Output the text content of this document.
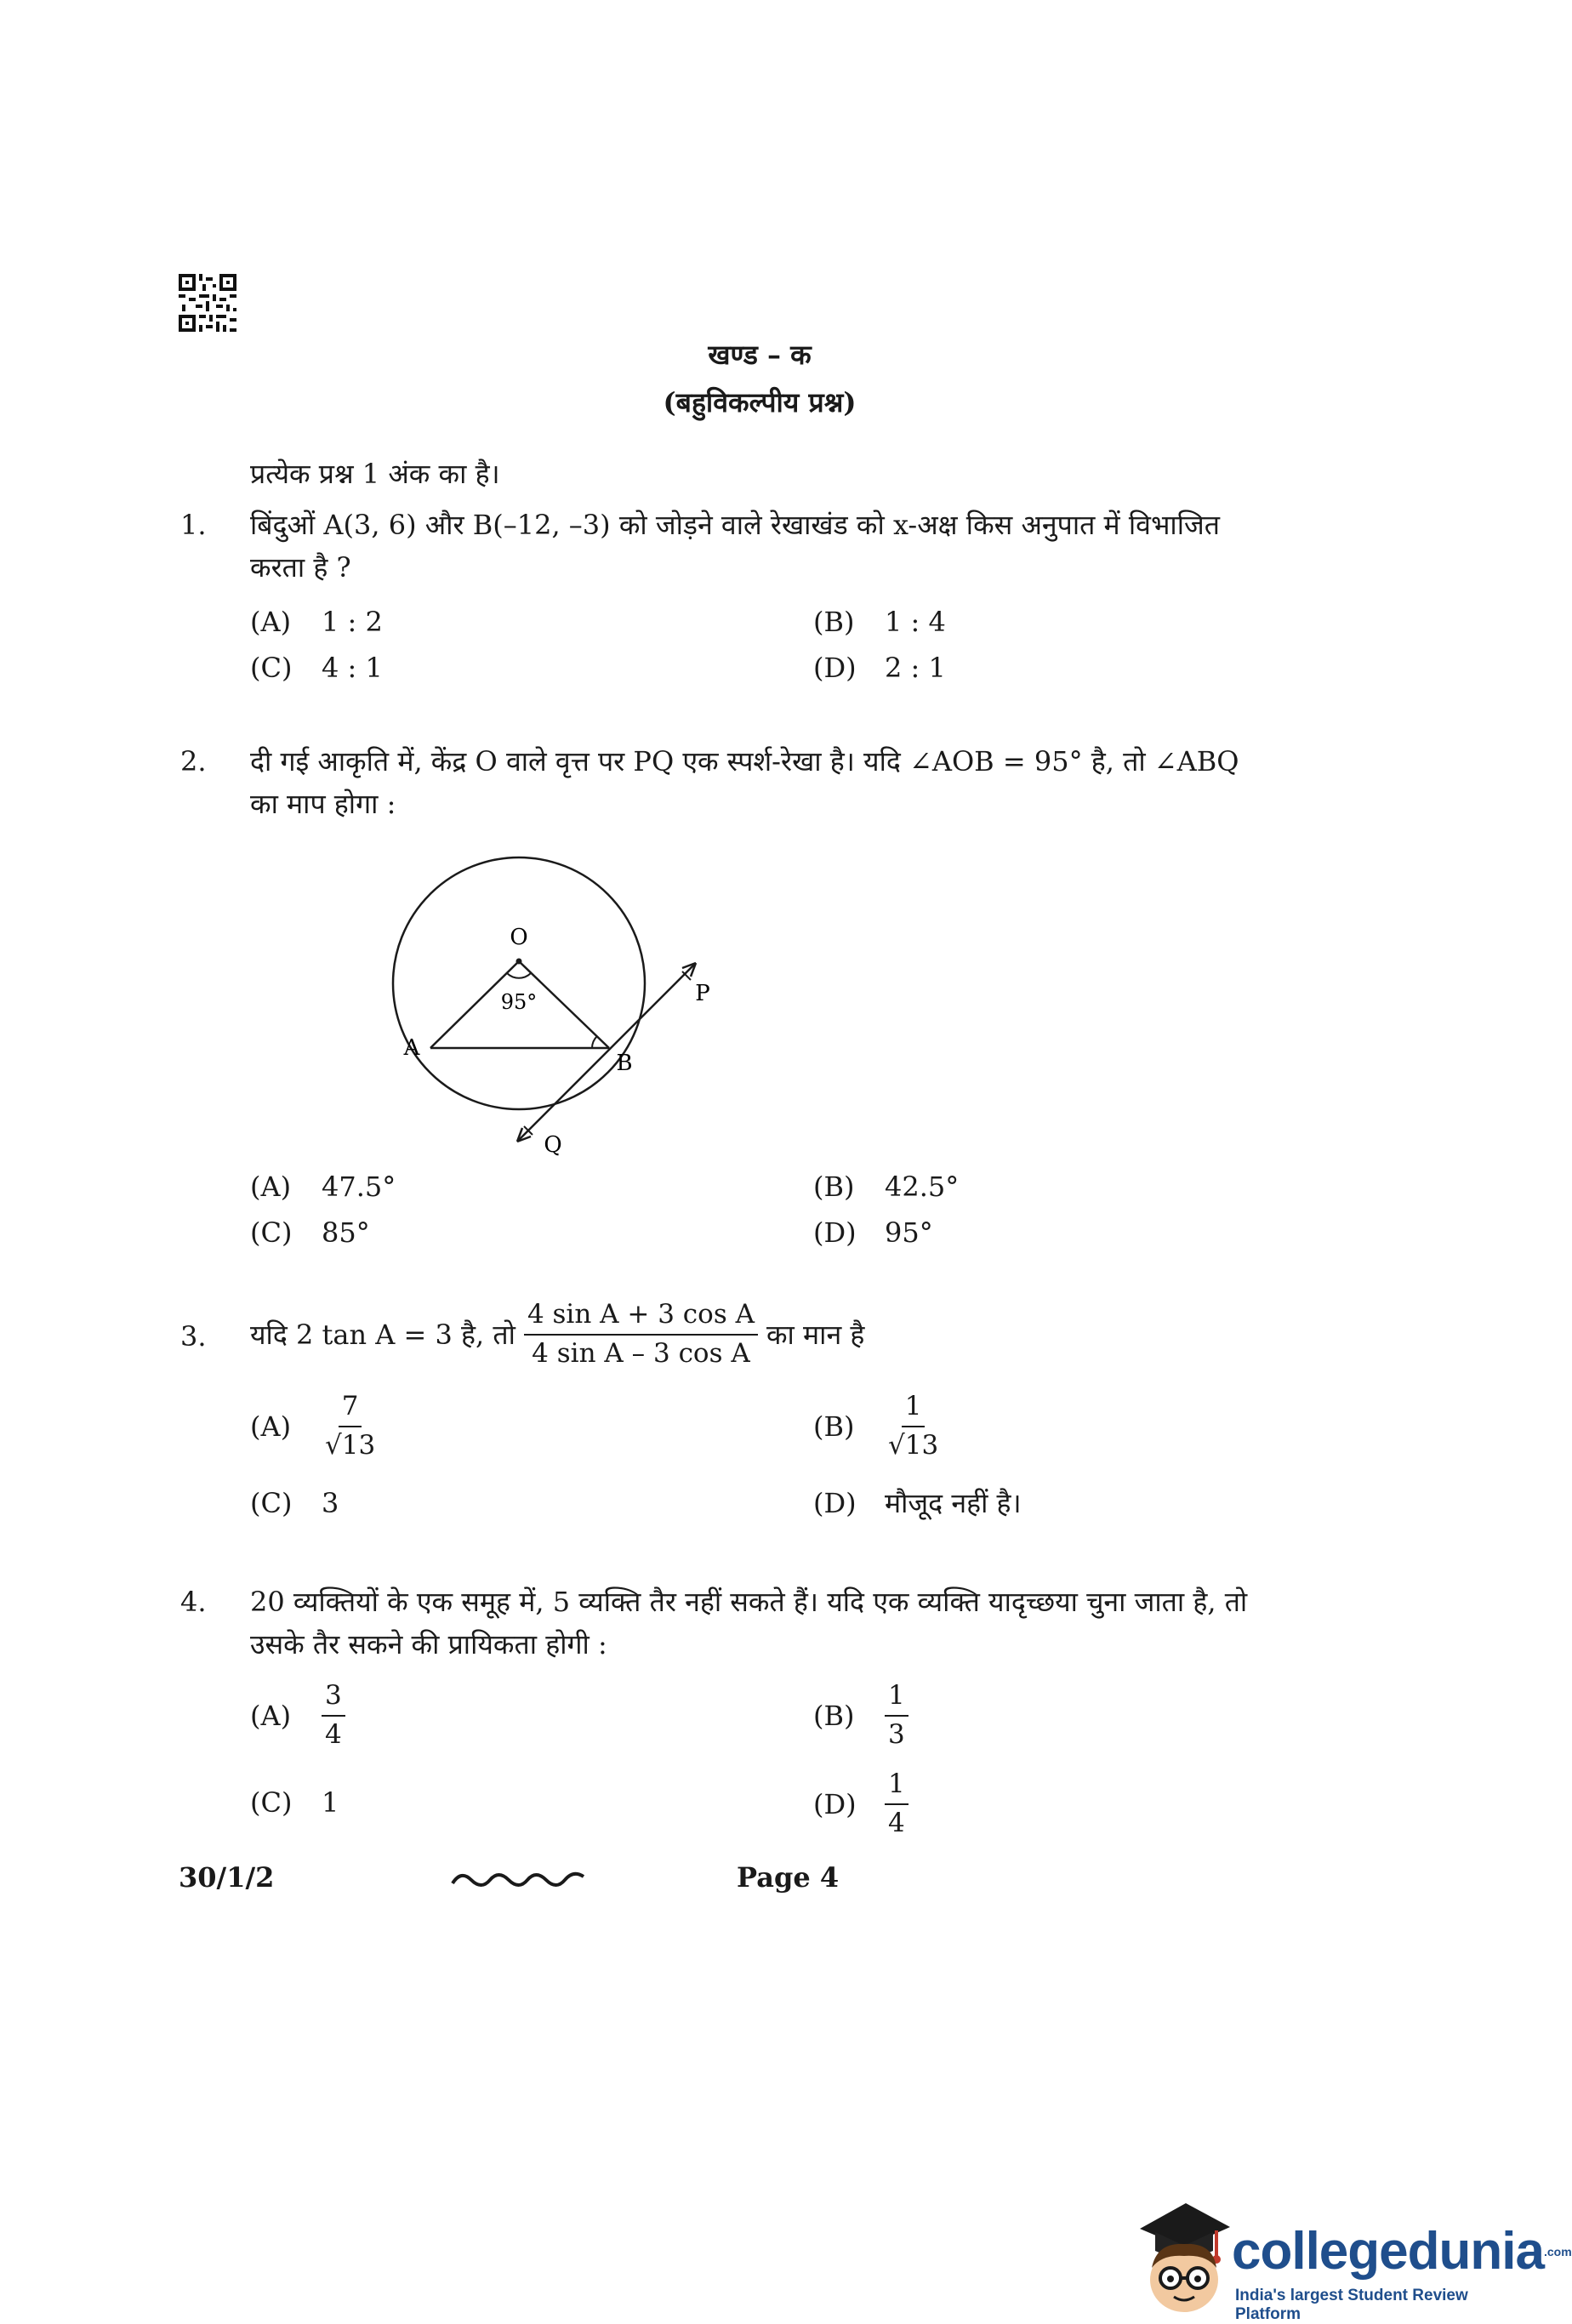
खण्ड – क
(बहुविकल्पीय प्रश्न)
प्रत्येक प्रश्न 1 अंक का है।
1. बिंदुओं A(3, 6) और B(–12, –3) को जोड़ने वाले रेखाखंड को x-अक्ष किस अनुपात में विभाजित
करता है ?
(A) 1 : 2	(B) 1 : 4
(C) 4 : 1	(D) 2 : 1
2. दी गई आकृति में, केंद्र O वाले वृत्त पर PQ एक स्पर्श-रेखा है। यदि ∠AOB = 95° है, तो ∠ABQ
का माप होगा :
O
95°
A
B
P
Q
(A) 47.5°	(B) 42.5°
(C) 85°	(D) 95°
3. यदि 2 tan A = 3 है, तो $\frac{\text{4 sin A + 3 cos A}}{\text{4 sin A – 3 cos A}}$ का मान है
(A)	$\frac{7}{√13}$	(B)	$\frac{1}{√13}$
(C) 3	(D) मौजूद नहीं है।
4. 20 व्यक्तियों के एक समूह में, 5 व्यक्ति तैर नहीं सकते हैं। यदि एक व्यक्ति यादृच्छया चुना जाता है, तो
उसके तैर सकने की प्रायिकता होगी :
(A)	$\frac{3}{4}$	(B)	$\frac{1}{3}$
(C) 1	(D)	$\frac{1}{4}$
30/1/2	Page 4
collegedunia$^{.com}$
India's largest Student Review Platform
